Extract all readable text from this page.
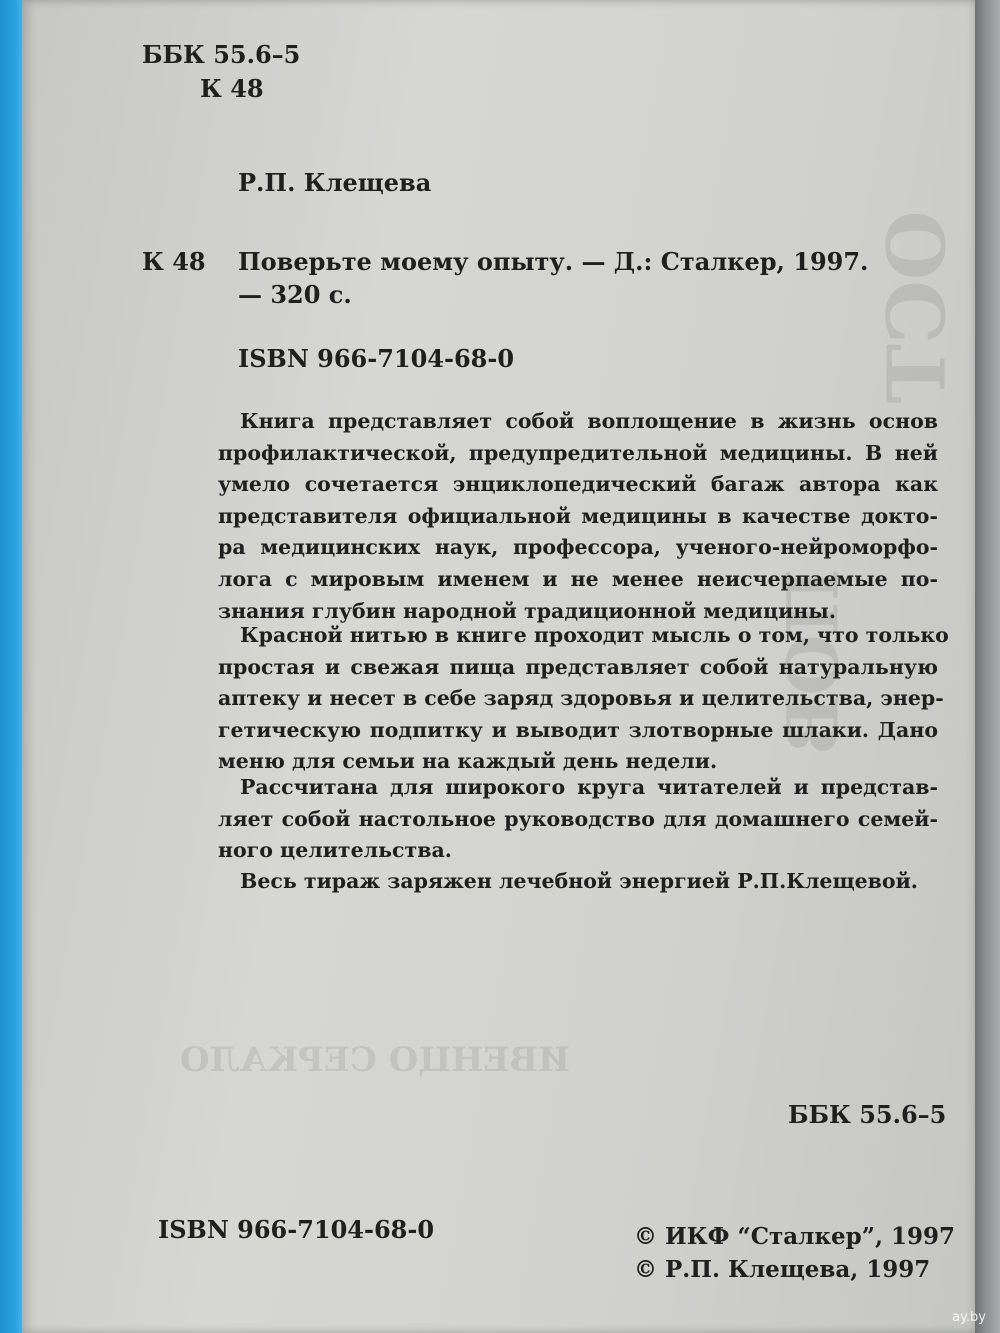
OCT
ПОВ
ИВЕНЦО СЕРКАЛО
ББК 55.6–5
К 48
Р.П. Клещева
К 48 Поверьте моему опыту. — Д.: Сталкер, 1997.
— 320 с.
ISBN 966-7104-68-0
Книга представляет собой воплощение в жизнь основ
профилактической, предупредительной медицины. В ней
умело сочетается энциклопедический багаж автора как
представителя официальной медицины в качестве докто-
ра медицинских наук, профессора, ученого-нейроморфо-
лога с мировым именем и не менее неисчерпаемые по-
знания глубин народной традиционной медицины.
Красной нитью в книге проходит мысль о том, что только
простая и свежая пища представляет собой натуральную
аптеку и несет в себе заряд здоровья и целительства, энер-
гетическую подпитку и выводит злотворные шлаки. Дано
меню для семьи на каждый день недели.
Рассчитана для широкого круга читателей и представ-
ляет собой настольное руководство для домашнего семей-
ного целительства.
Весь тираж заряжен лечебной энергией Р.П.Клещевой.
ББК 55.6–5
ISBN 966-7104-68-0	© ИКФ “Сталкер”, 1997
© Р.П. Клещева, 1997
ay.by
